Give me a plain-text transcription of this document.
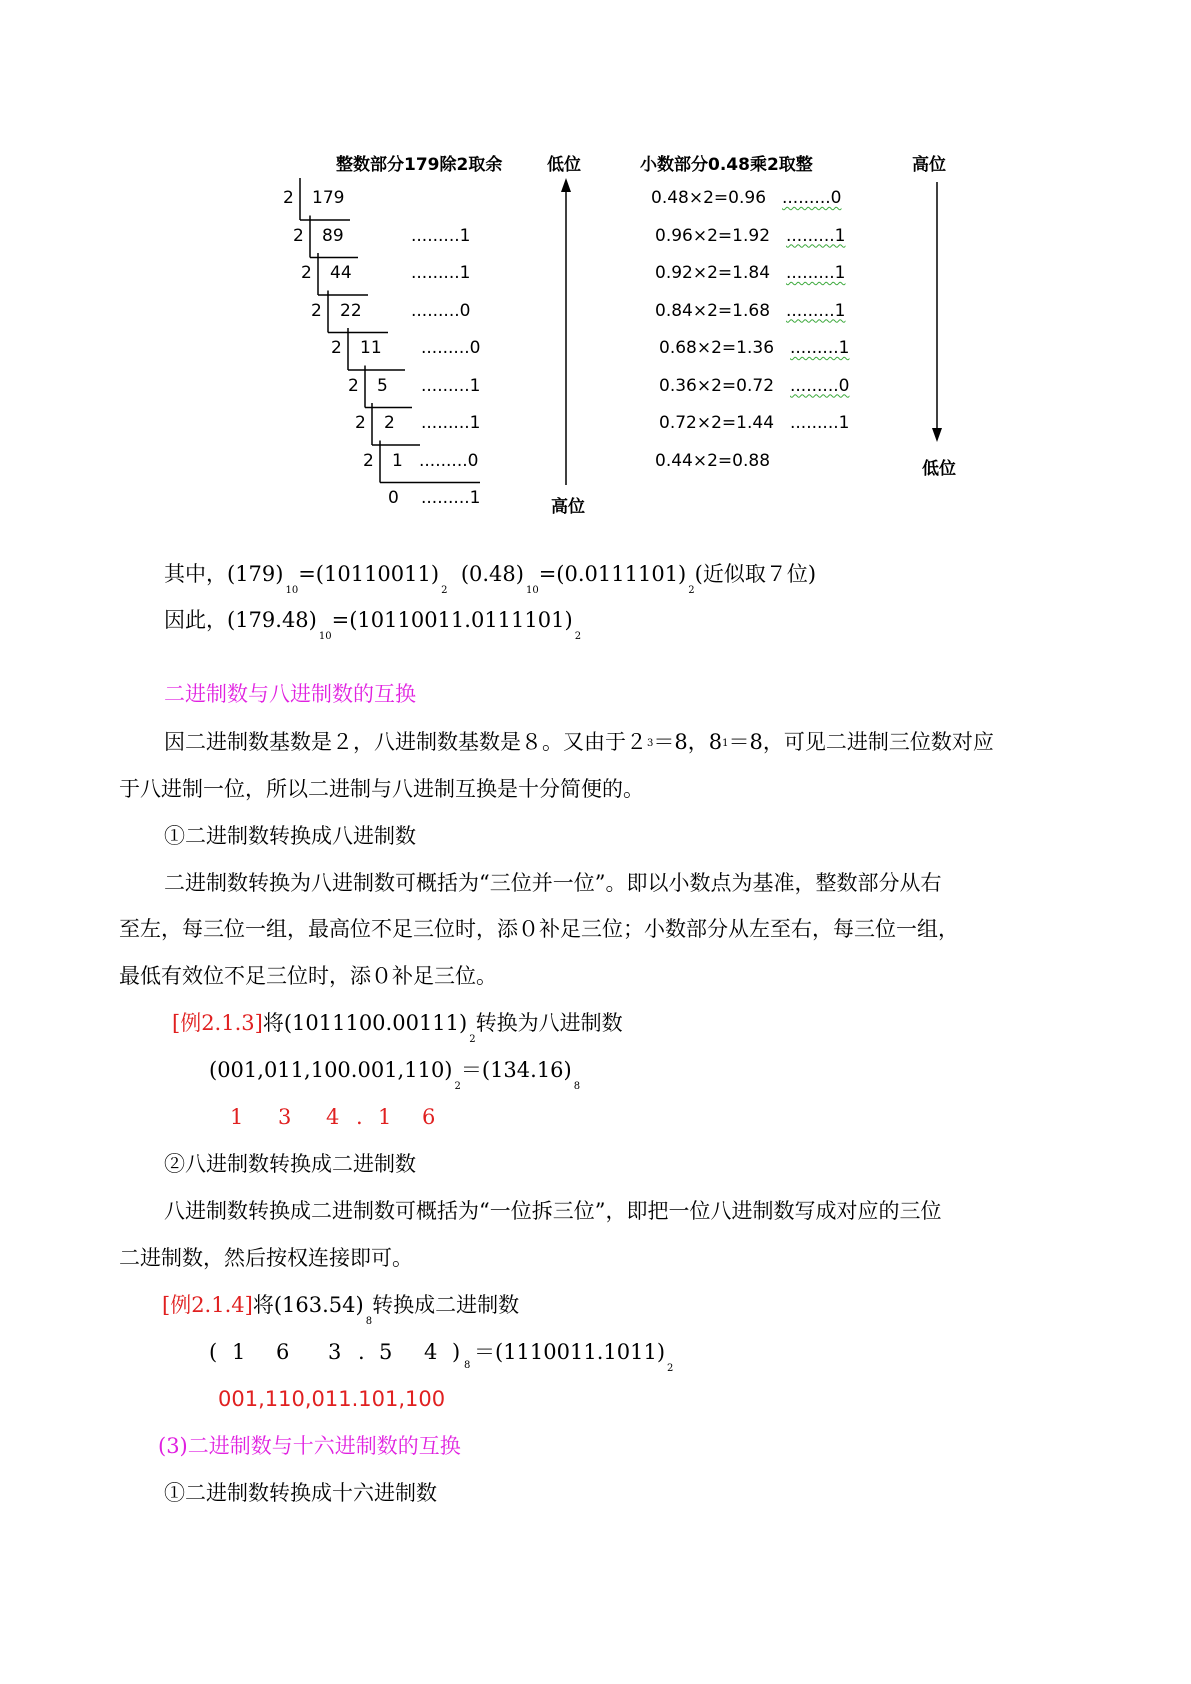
整数部分179除2取余	低位
高位
小数部分0.48乘2取整	高位
低位
2 179
2 89	.........1
2 44	.........1
2 22	.........0
2 11 .........0
2 5 .........1
2 2 .........1
2 1 .........0
0 .........1
0.48×2=0.96 .........0
0.96×2=1.92 .........1
0.92×2=1.84 .........1
0.84×2=1.68 .........1
0.68×2=1.36 .........1
0.36×2=0.72 .........0
0.72×2=1.44 .........1
0.44×2=0.88
其中，$(179)_{10}=(10110011)_2$  $(0.48)_{10}=(0.0111101)_2$(近似取７位)
因此，$(179.48)_{10}=(10110011.0111101)_2$
二进制数与八进制数的互换
因二进制数基数是２，八进制数基数是８。又由于$2^3=8$，$8^1=8$，可见二进制三位数对应
于八进制一位，所以二进制与八进制互换是十分简便的。
①二进制数转换成八进制数
二进制数转换为八进制数可概括为“三位并一位”。即以小数点为基准，整数部分从右
至左，每三位一组，最高位不足三位时，添０补足三位；小数部分从左至右，每三位一组，
最低有效位不足三位时，添０补足三位。
[例2.1.3]将$(1011100.00111)_2$转换为八进制数
$(001,011,100.001,110)_2=(134.16)_8$
1 3 4 . 1 6
②八进制数转换成二进制数
八进制数转换成二进制数可概括为“一位拆三位”，即把一位八进制数写成对应的三位
二进制数，然后按权连接即可。
[例2.1.4]将$(163.54)_8$转换成二进制数
( 1 6 3 . 5 4 )
8
$=(1110011.1011)_2$
001,110,011.101,100
(3)二进制数与十六进制数的互换
①二进制数转换成十六进制数
